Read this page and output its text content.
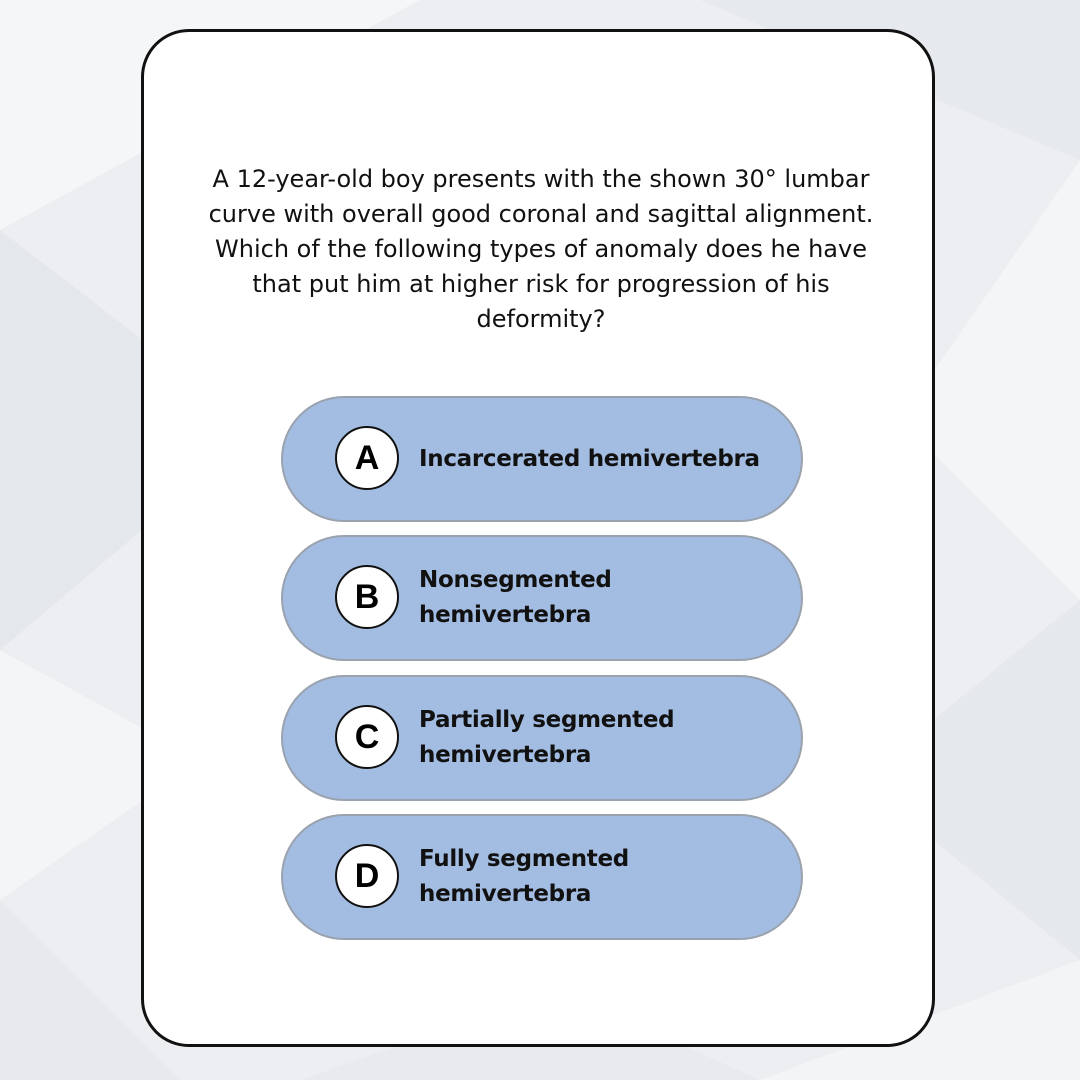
A 12-year-old boy presents with the shown 30° lumbar curve with overall good coronal and sagittal alignment. Which of the following types of anomaly does he have that put him at higher risk for progression of his deformity?

A	Incarcerated hemivertebra
B	Nonsegmented hemivertebra
C	Partially segmented hemivertebra
D	Fully segmented hemivertebra
